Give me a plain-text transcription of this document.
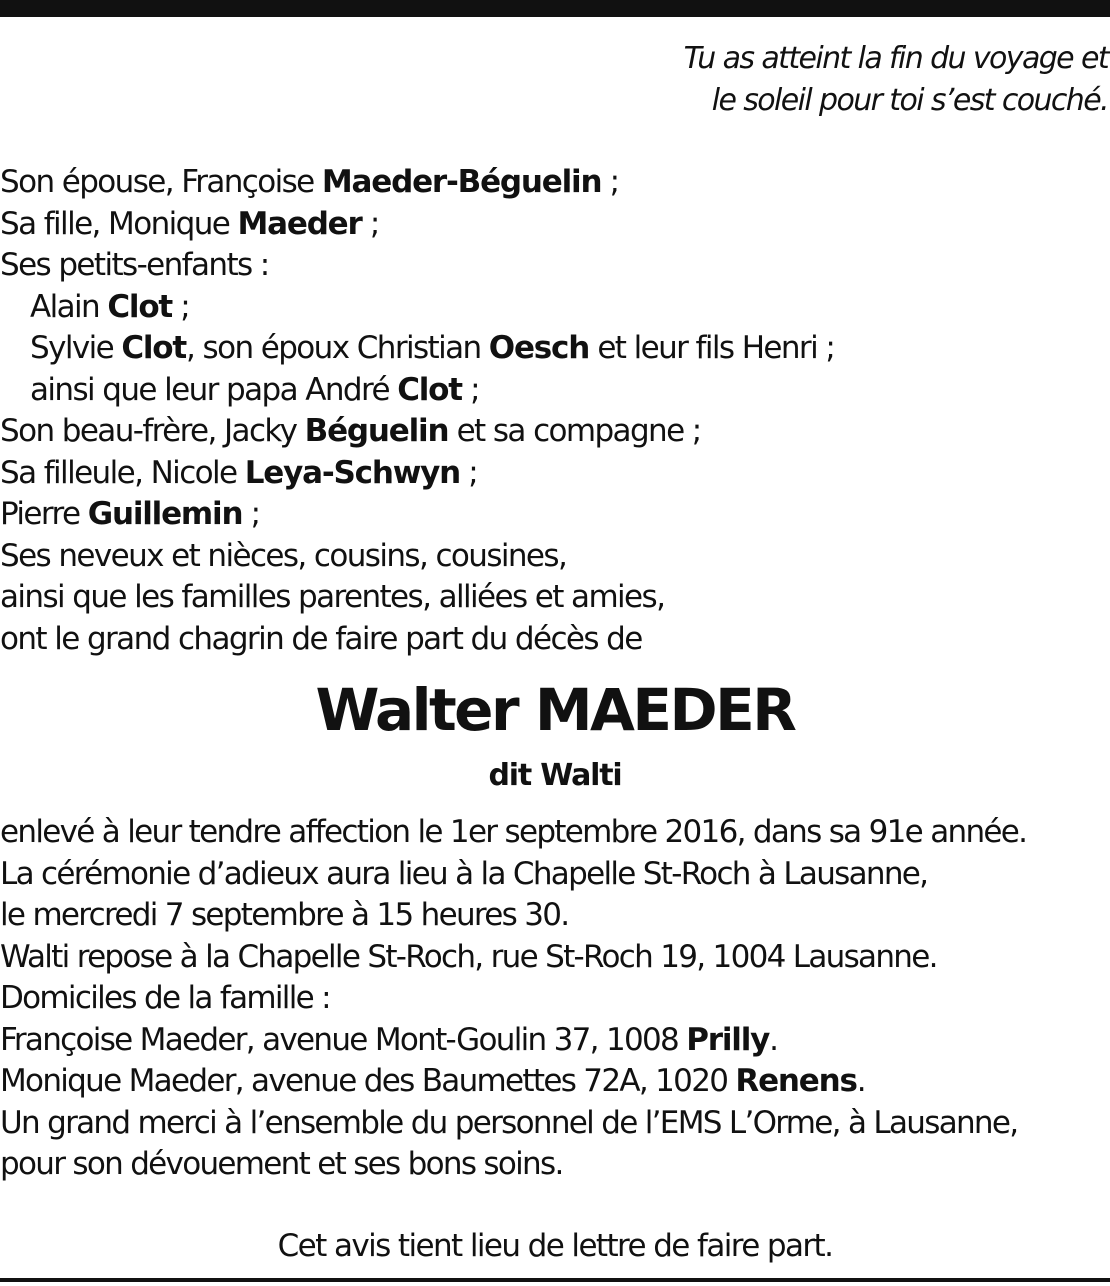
Tu as atteint la fin du voyage et
le soleil pour toi s’est couché.
Son épouse, Françoise Maeder-Béguelin ;
Sa fille, Monique Maeder ;
Ses petits-enfants :
Alain Clot ;
Sylvie Clot, son époux Christian Oesch et leur fils Henri ;
ainsi que leur papa André Clot ;
Son beau-frère, Jacky Béguelin et sa compagne ;
Sa filleule, Nicole Leya-Schwyn ;
Pierre Guillemin ;
Ses neveux et nièces, cousins, cousines,
ainsi que les familles parentes, alliées et amies,
ont le grand chagrin de faire part du décès de
Walter MAEDER
dit Walti
enlevé à leur tendre affection le 1er septembre 2016, dans sa 91e année.
La cérémonie d’adieux aura lieu à la Chapelle St-Roch à Lausanne,
le mercredi 7 septembre à 15 heures 30.
Walti repose à la Chapelle St-Roch, rue St-Roch 19, 1004 Lausanne.
Domiciles de la famille :
Françoise Maeder, avenue Mont-Goulin 37, 1008 Prilly.
Monique Maeder, avenue des Baumettes 72A, 1020 Renens.
Un grand merci à l’ensemble du personnel de l’EMS L’Orme, à Lausanne,
pour son dévouement et ses bons soins.
Cet avis tient lieu de lettre de faire part.
